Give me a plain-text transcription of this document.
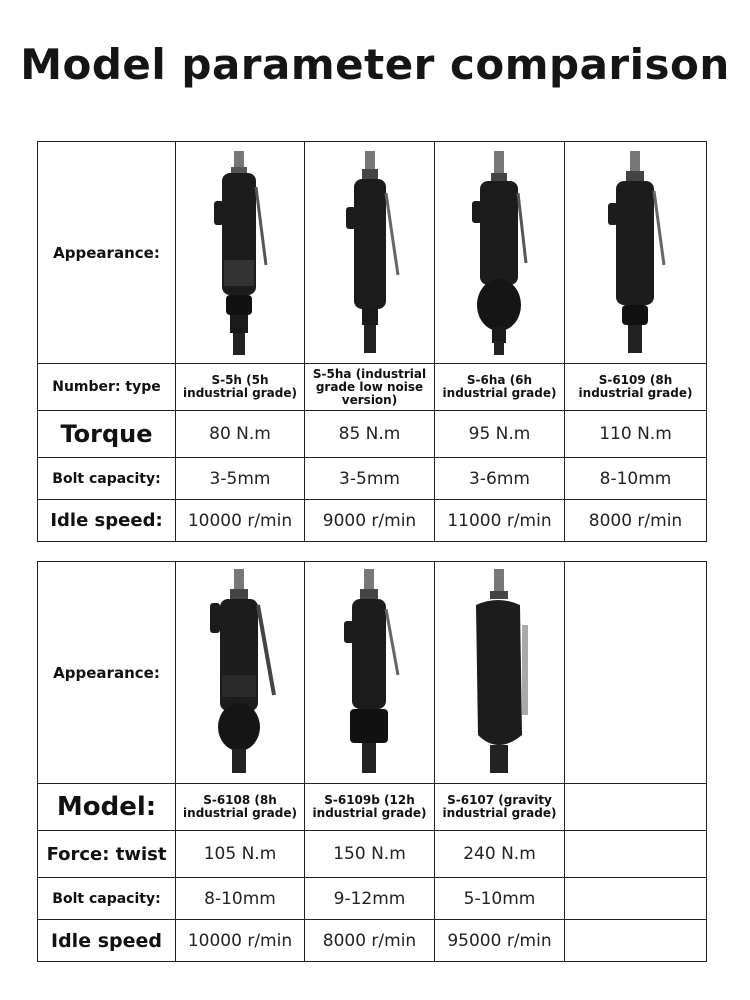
Model parameter comparison
Appearance:	

Number: type	S-5h (5h industrial grade)	S-5ha (industrial grade low noise version)	S-6ha (6h industrial grade)	S-6109 (8h industrial grade)
Torque	80 N.m	85 N.m	95 N.m	110 N.m
Bolt capacity:	3-5mm	3-5mm	3-6mm	8-10mm
Idle speed:	10000 r/min	9000 r/min	11000 r/min	8000 r/min
Appearance:	

Model:	S-6108 (8h industrial grade)	S-6109b (12h industrial grade)	S-6107 (gravity industrial grade)	
Force: twist	105 N.m	150 N.m	240 N.m	
Bolt capacity:	8-10mm	9-12mm	5-10mm	
Idle speed	10000 r/min	8000 r/min	95000 r/min	
